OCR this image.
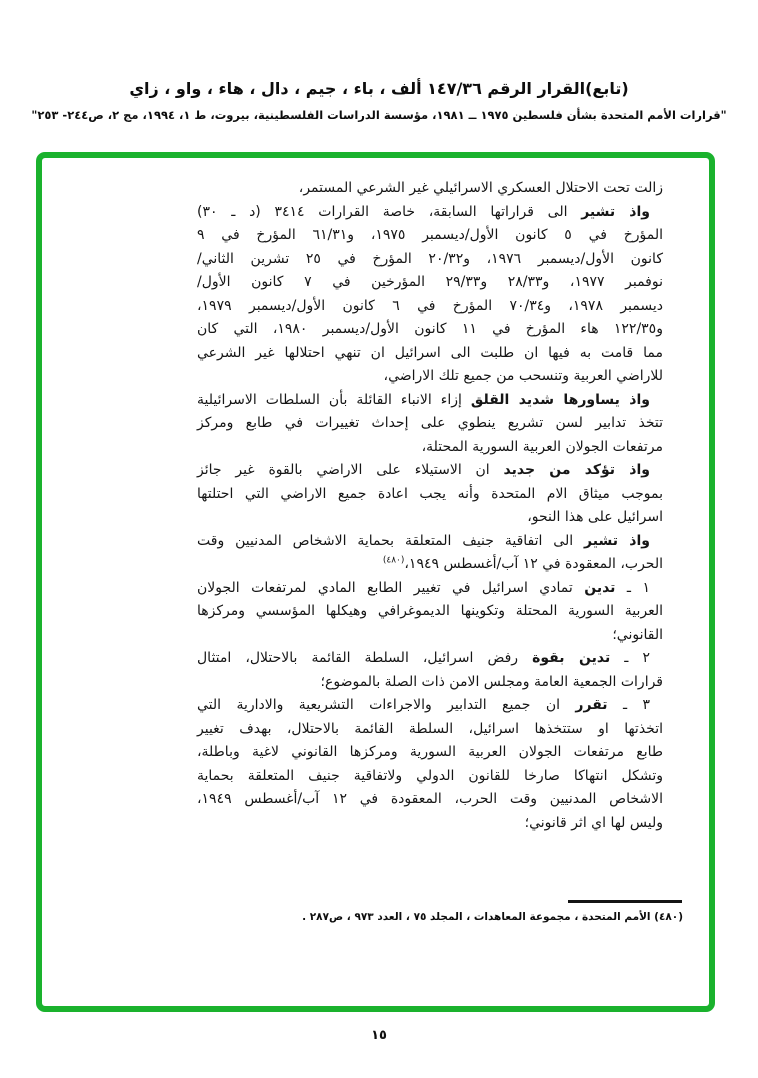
(تابع)القرار الرقم ١٤٧/٣٦ ألف ، باء ، جيم ، دال ، هاء ، واو ، زاي
"قرارات الأمم المتحدة بشأن فلسطين ١٩٧٥ ــ ١٩٨١، مؤسسة الدراسات الفلسطينية، بيروت، ط ١، ١٩٩٤، مج ٢، ص٢٤٤- ٢٥٣"
زالت تحت الاحتلال العسكري الاسرائيلي غير الشرعي المستمر،
واذ تشير الى قراراتها السابقة، خاصة القرارات ٣٤١٤ (د ـ ٣٠)
المؤرخ في ٥ كانون الأول/ديسمبر ١٩٧٥، و٦١/٣١ المؤرخ في ٩
كانون الأول/ديسمبر ١٩٧٦، و٢٠/٣٢ المؤرخ في ٢٥ تشرين الثاني/
نوفمبر ١٩٧٧، و٢٨/٣٣ و٢٩/٣٣ المؤرخين في ٧ كانون الأول/
ديسمبر ١٩٧٨، و٧٠/٣٤ المؤرخ في ٦ كانون الأول/ديسمبر ١٩٧٩،
و١٢٢/٣٥ هاء المؤرخ في ١١ كانون الأول/ديسمبر ١٩٨٠، التي كان
مما قامت به فيها ان طلبت الى اسرائيل ان تنهي احتلالها غير الشرعي
للاراضي العربية وتنسحب من جميع تلك الاراضي،
واذ يساورها شديد القلق إزاء الانباء القائلة بأن السلطات الاسرائيلية
تتخذ تدابير لسن تشريع ينطوي على إحداث تغييرات في طابع ومركز
مرتفعات الجولان العربية السورية المحتلة،
واذ تؤكد من جديد ان الاستيلاء على الاراضي بالقوة غير جائز
بموجب ميثاق الام المتحدة وأنه يجب اعادة جميع الاراضي التي احتلتها
اسرائيل على هذا النحو،
واذ تشير الى اتفاقية جنيف المتعلقة بحماية الاشخاص المدنيين وقت
الحرب، المعقودة في ١٢ آب/أغسطس ١٩٤٩،$^{(٤٨٠)}$
١ ـ تدين تمادي اسرائيل في تغيير الطابع المادي لمرتفعات الجولان
العربية السورية المحتلة وتكوينها الديموغرافي وهيكلها المؤسسي ومركزها
القانوني؛
٢ ـ تدين بقوة رفض اسرائيل، السلطة القائمة بالاحتلال، امتثال
قرارات الجمعية العامة ومجلس الامن ذات الصلة بالموضوع؛
٣ ـ تقرر ان جميع التدابير والاجراءات التشريعية والادارية التي
اتخذتها او ستتخذها اسرائيل، السلطة القائمة بالاحتلال، بهدف تغيير
طابع مرتفعات الجولان العربية السورية ومركزها القانوني لاغية وباطلة،
وتشكل انتهاكا صارخا للقانون الدولي ولاتفاقية جنيف المتعلقة بحماية
الاشخاص المدنيين وقت الحرب، المعقودة في ١٢ آب/أغسطس ١٩٤٩،
وليس لها اي اثر قانوني؛
(٤٨٠) الأمم المتحدة ، مجموعة المعاهدات ، المجلد ٧٥ ، العدد ٩٧٣ ، ص٢٨٧ .
١٥
